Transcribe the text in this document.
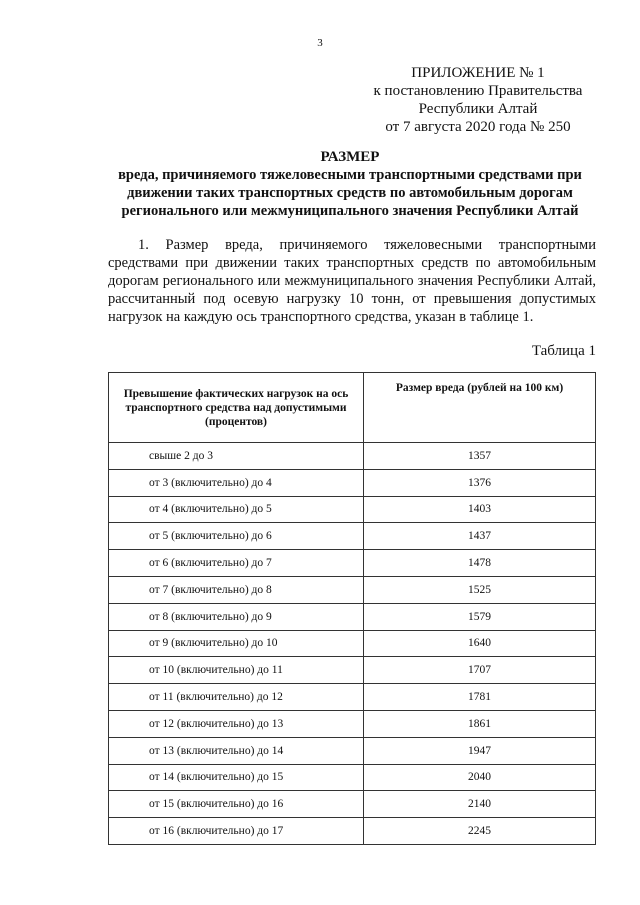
3
ПРИЛОЖЕНИЕ № 1
к постановлению Правительства
Республики Алтай
от 7 августа 2020 года № 250
РАЗМЕР
вреда, причиняемого тяжеловесными транспортными средствами при движении таких транспортных средств по автомобильным дорогам регионального или межмуниципального значения Республики Алтай
1. Размер вреда, причиняемого тяжеловесными транспортными средствами при движении таких транспортных средств по автомобильным дорогам регионального или межмуниципального значения Республики Алтай, рассчитанный под осевую нагрузку 10 тонн, от превышения допустимых нагрузок на каждую ось транспортного средства, указан в таблице 1.
Таблица 1
Превышение фактических нагрузок на ось транспортного средства над допустимыми (процентов)	Размер вреда (рублей на 100 км)
свыше 2 до 3	1357
от 3 (включительно) до 4	1376
от 4 (включительно) до 5	1403
от 5 (включительно) до 6	1437
от 6 (включительно) до 7	1478
от 7 (включительно) до 8	1525
от 8 (включительно) до 9	1579
от 9 (включительно) до 10	1640
от 10 (включительно) до 11	1707
от 11 (включительно) до 12	1781
от 12 (включительно) до 13	1861
от 13 (включительно) до 14	1947
от 14 (включительно) до 15	2040
от 15 (включительно) до 16	2140
от 16 (включительно) до 17	2245
